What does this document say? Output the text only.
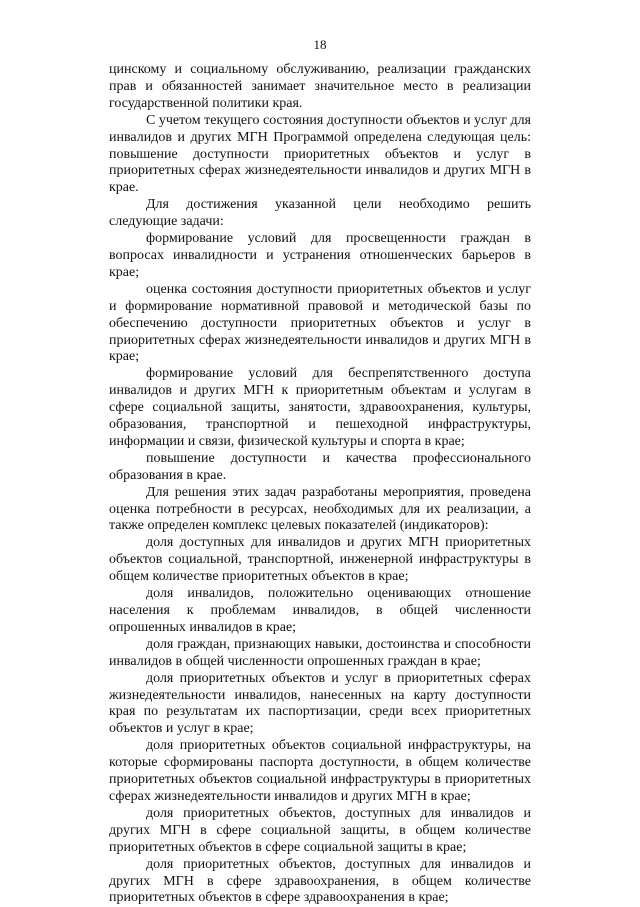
18

цинскому и социальному обслуживанию, реализации гражданских прав и обязанностей занимает значительное место в реализации государственной политики края.

С учетом текущего состояния доступности объектов и услуг для инвалидов и других МГН Программой определена следующая цель: повышение доступности приоритетных объектов и услуг в приоритетных сферах жизнедеятельности инвалидов и других МГН в крае.

Для достижения указанной цели необходимо решить следующие задачи:

формирование условий для просвещенности граждан в вопросах инвалидности и устранения отношенческих барьеров в крае;

оценка состояния доступности приоритетных объектов и услуг и формирование нормативной правовой и методической базы по обеспечению доступности приоритетных объектов и услуг в приоритетных сферах жизнедеятельности инвалидов и других МГН в крае;

формирование условий для беспрепятственного доступа инвалидов и других МГН к приоритетным объектам и услугам в сфере социальной защиты, занятости, здравоохранения, культуры, образования, транспортной и пешеходной инфраструктуры, информации и связи, физической культуры и спорта в крае;

повышение доступности и качества профессионального образования в крае.

Для решения этих задач разработаны мероприятия, проведена оценка потребности в ресурсах, необходимых для их реализации, а также определен комплекс целевых показателей (индикаторов):

доля доступных для инвалидов и других МГН приоритетных объектов социальной, транспортной, инженерной инфраструктуры в общем количестве приоритетных объектов в крае;

доля инвалидов, положительно оценивающих отношение населения к проблемам инвалидов, в общей численности опрошенных инвалидов в крае;

доля граждан, признающих навыки, достоинства и способности инвалидов в общей численности опрошенных граждан в крае;

доля приоритетных объектов и услуг в приоритетных сферах жизнедеятельности инвалидов, нанесенных на карту доступности края по результатам их паспортизации, среди всех приоритетных объектов и услуг в крае;

доля приоритетных объектов социальной инфраструктуры, на которые сформированы паспорта доступности, в общем количестве приоритетных объектов социальной инфраструктуры в приоритетных сферах жизнедеятельности инвалидов и других МГН в крае;

доля приоритетных объектов, доступных для инвалидов и других МГН в сфере социальной защиты, в общем количестве приоритетных объектов в сфере социальной защиты в крае;

доля приоритетных объектов, доступных для инвалидов и других МГН в сфере здравоохранения, в общем количестве приоритетных объектов в сфере здравоохранения в крае;
